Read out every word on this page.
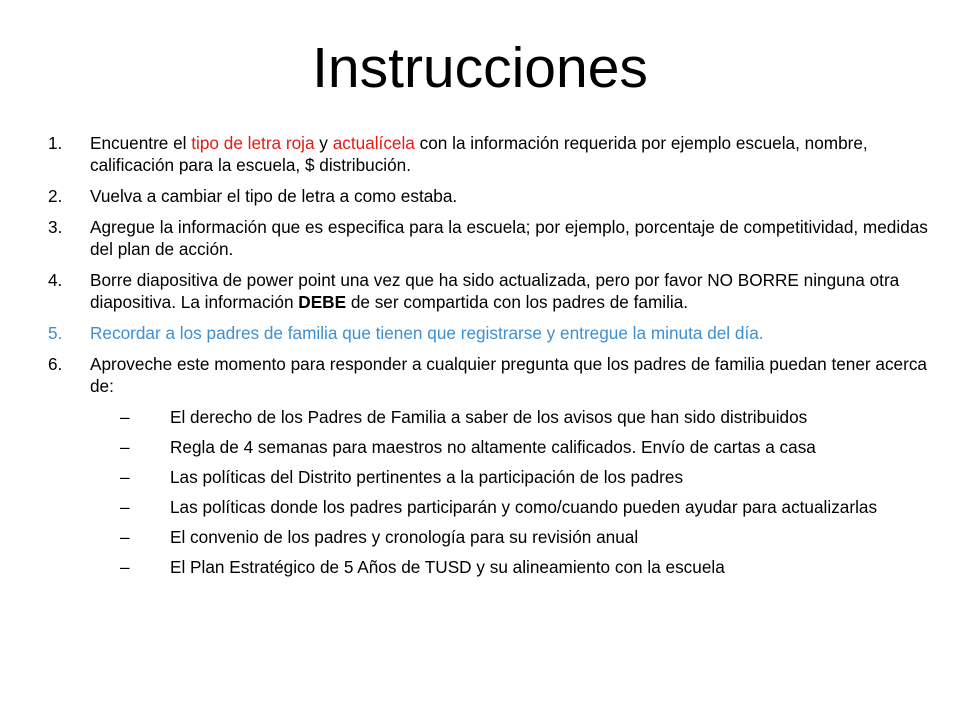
Instrucciones
1. Encuentre el tipo de letra roja y actualícela con la información requerida por ejemplo escuela, nombre, calificación para la escuela, $ distribución.
2. Vuelva a cambiar el tipo de letra a como estaba.
3. Agregue la información que es especifica para la escuela; por ejemplo, porcentaje de competitividad, medidas del plan de acción.
4. Borre diapositiva de power point una vez que ha sido actualizada, pero por favor NO BORRE ninguna otra diapositiva. La información DEBE de ser compartida con los padres de familia.
5. Recordar a los padres de familia que tienen que registrarse y entregue la minuta del día.
6. Aproveche este momento para responder a cualquier pregunta que los padres de familia puedan tener acerca de:
– El derecho de los Padres de Familia a saber de los avisos que han sido distribuidos
– Regla de 4 semanas para maestros no altamente calificados. Envío de cartas a casa
– Las políticas del Distrito pertinentes a la participación de los padres
– Las políticas donde los padres participarán y como/cuando pueden ayudar para actualizarlas
– El convenio de los padres y cronología para su revisión anual
– El Plan Estratégico de 5 Años de TUSD y su alineamiento con la escuela
